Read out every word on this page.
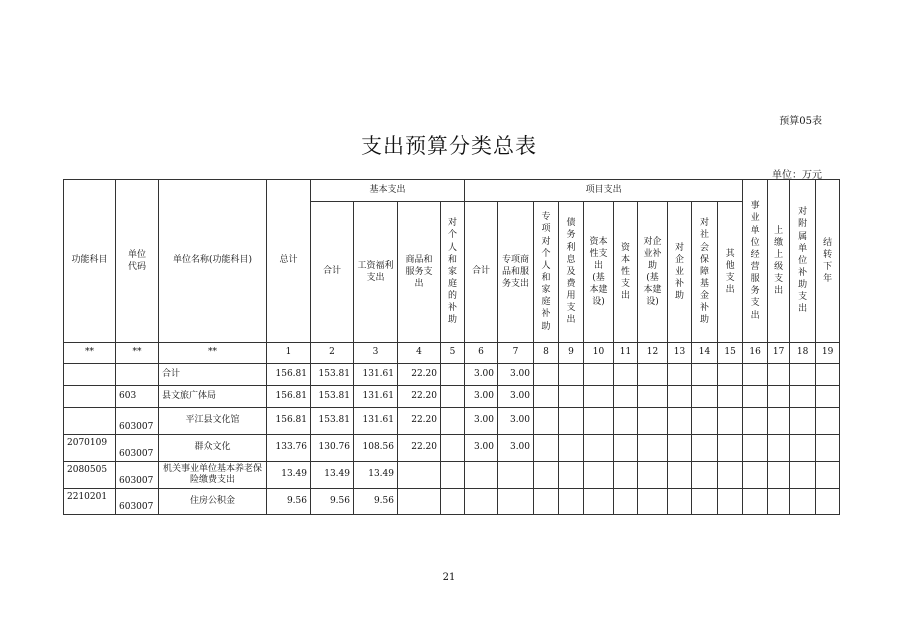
预算05表
支出预算分类总表
单位：万元
功能科目	单位代码	单位名称(功能科目)	总计	基本支出				项目支出										事业单位经营服务支出	上缴上级支出	对附属单位补助支出	结转下年
				合计	工资福利支出	商品和服务支出	对个人和家庭的补助	合计	专项商品和服务支出	专项对个人和家庭补助	债务利息及费用支出	资本性支出(基本建设)	资本性支出	对企业补助(基本建设)	对企业补助	对社会保障基金补助	其他支出				
**	**	**	1	2	3	4	5	6	7	8	9	10	11	12	13	14	15	16	17	18	19
		合计	156.81	153.81	131.61	22.20		3.00	3.00												
	603	县文旅广体局	156.81	153.81	131.61	22.20		3.00	3.00												

	603007	平江县文化馆	156.81	153.81	131.61	22.20		3.00	3.00												

2070109	603007	群众文化	133.76	130.76	108.56	22.20		3.00	3.00												

2080505	603007	机关事业单位基本养老保险缴费支出	13.49	13.49	13.49																

2210201	603007	住房公积金	9.56	9.56	9.56																
21
